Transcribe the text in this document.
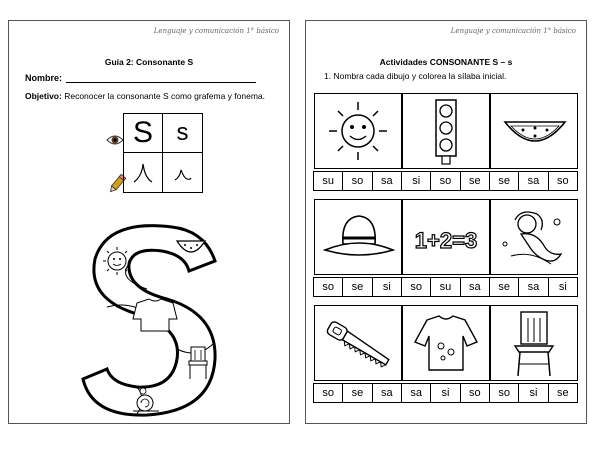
Lenguaje y comunicación 1° básico
Guía 2: Consonante S
Nombre:
Objetivo: Reconocer la consonante S como grafema y fonema.
S s
Lenguaje y comunicación 1° básico
Actividades CONSONANTE S – s
1. Nombra cada dibujo y colorea la sílaba inicial.
su	so	sa	si	so	se	se	sa	so
1+2=3
so	se	si	so	su	sa	se	sa	si
so	se	sa	sa	si	so	so	si	se
